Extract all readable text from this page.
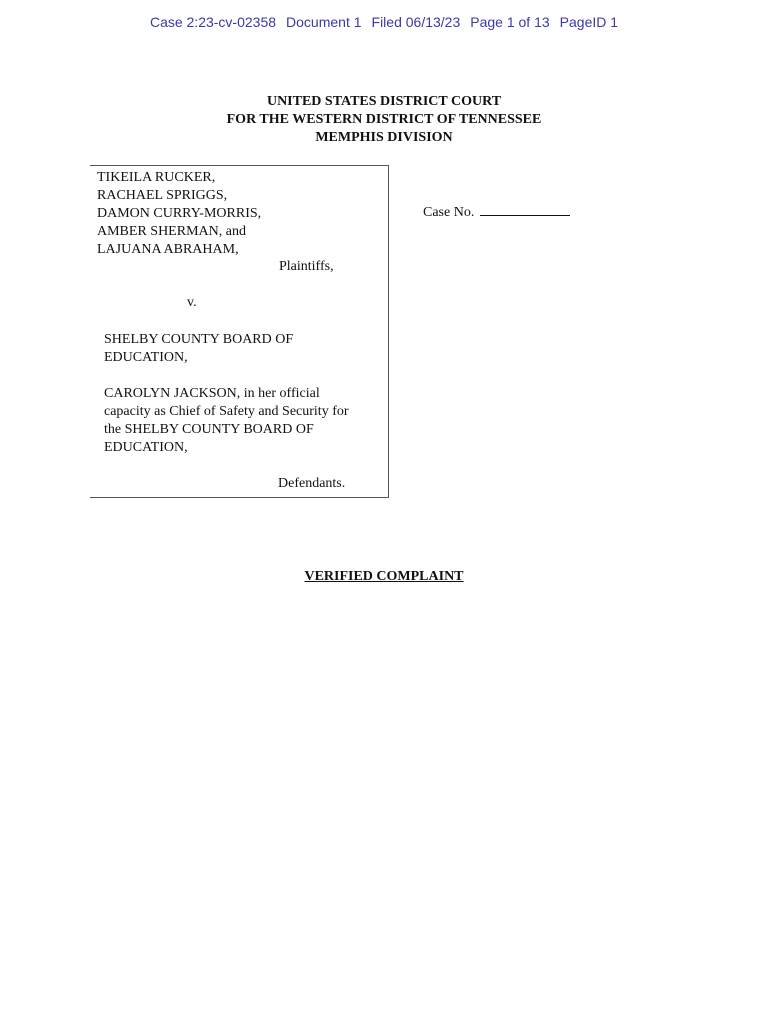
Case 2:23-cv-02358 Document 1 Filed 06/13/23 Page 1 of 13 PageID 1
UNITED STATES DISTRICT COURT
FOR THE WESTERN DISTRICT OF TENNESSEE
MEMPHIS DIVISION
TIKEILA RUCKER,
RACHAEL SPRIGGS,
DAMON CURRY-MORRIS,
AMBER SHERMAN, and
LAJUANA ABRAHAM,
Plaintiffs,
v.
SHELBY COUNTY BOARD OF
EDUCATION,
CAROLYN JACKSON, in her official
capacity as Chief of Safety and Security for
the SHELBY COUNTY BOARD OF
EDUCATION,
Defendants.
Case No.
VERIFIED COMPLAINT
